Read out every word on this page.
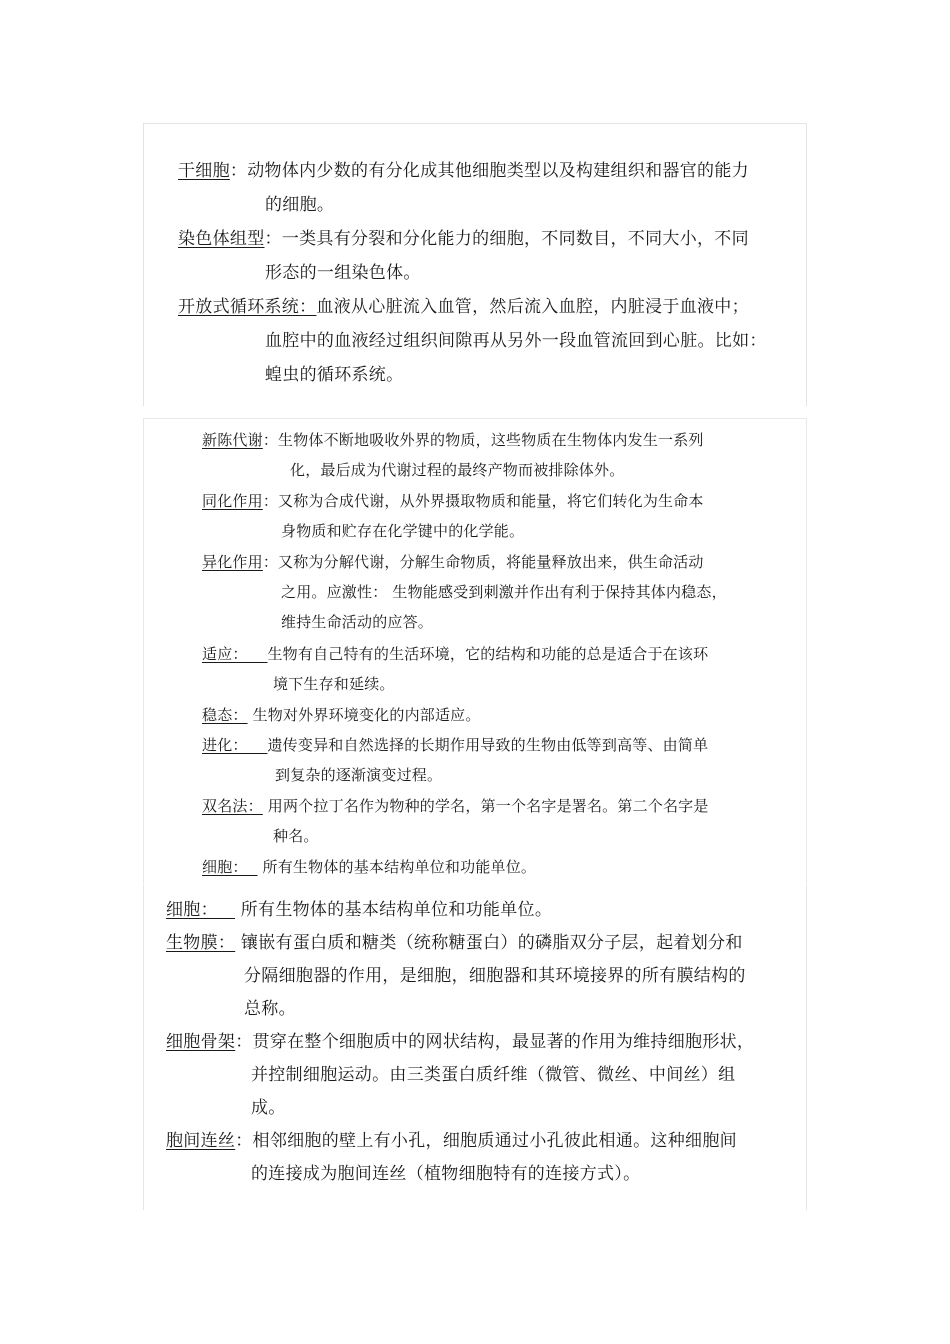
干细胞：动物体内少数的有分化成其他细胞类型以及构建组织和器官的能力
的细胞。
染色体组型：一类具有分裂和分化能力的细胞，不同数目，不同大小，不同
形态的一组染色体。
开放式循环系统：血液从心脏流入血管，然后流入血腔，内脏浸于血液中；
血腔中的血液经过组织间隙再从另外一段血管流回到心脏。比如：
蝗虫的循环系统。
新陈代谢：生物体不断地吸收外界的物质，这些物质在生物体内发生一系列
化，最后成为代谢过程的最终产物而被排除体外。
同化作用：又称为合成代谢，从外界摄取物质和能量，将它们转化为生命本
身物质和贮存在化学键中的化学能。
异化作用：又称为分解代谢，分解生命物质，将能量释放出来，供生命活动
之用。应激性： 生物能感受到刺激并作出有利于保持其体内稳态，
维持生命活动的应答。
适应：    生物有自己特有的生活环境，它的结构和功能的总是适合于在该环
境下生存和延续。
稳态： 生物对外界环境变化的内部适应。
进化：    遗传变异和自然选择的长期作用导致的生物由低等到高等、由简单
到复杂的逐渐演变过程。
双名法： 用两个拉丁名作为物种的学名，第一个名字是署名。第二个名字是
种名。
细胞：   所有生物体的基本结构单位和功能单位。
细胞：    所有生物体的基本结构单位和功能单位。
生物膜： 镶嵌有蛋白质和糖类（统称糖蛋白）的磷脂双分子层，起着划分和
分隔细胞器的作用，是细胞，细胞器和其环境接界的所有膜结构的
总称。
细胞骨架：贯穿在整个细胞质中的网状结构，最显著的作用为维持细胞形状，
并控制细胞运动。由三类蛋白质纤维（微管、微丝、中间丝）组
成。
胞间连丝：相邻细胞的壁上有小孔，细胞质通过小孔彼此相通。这种细胞间
的连接成为胞间连丝（植物细胞特有的连接方式）。
